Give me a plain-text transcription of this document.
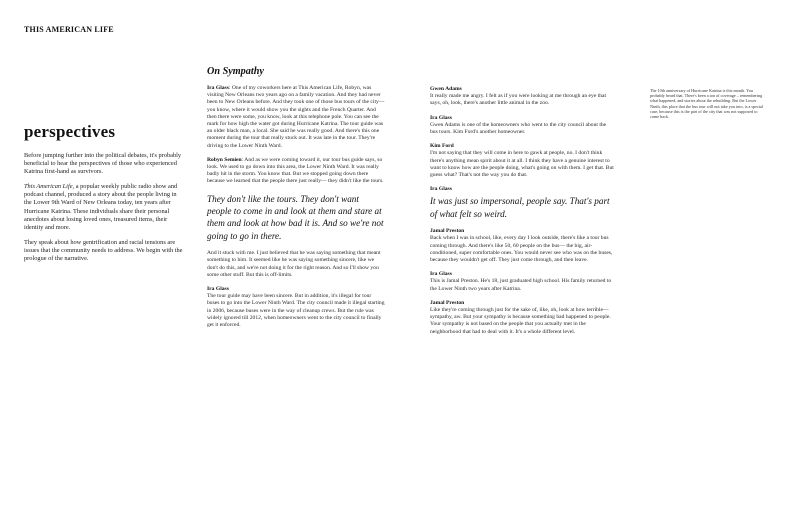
THIS AMERICAN LIFE
perspectives

Before jumping further into the political debates, it's probably beneficial to hear the perspectives of those who experienced Katrina first-hand as survivors.

This American Life, a popular weekly public radio show and podcast channel, produced a story about the people living in the Lower 9th Ward of New Orleans today, ten years after Hurricane Katrina. These individuals share their personal anecdotes about losing loved ones, treasured items, their identity and more.

They speak about how gentrification and racial tensions are issues that the community needs to address. We begin with the prologue of the narrative.

On Sympathy

Ira Glass: One of my coworkers here at This American Life, Robyn, was visiting New Orleans two years ago on a family vacation. And they had never been to New Orleans before. And they took one of those bus tours of the city— you know, where it would show you the sights and the French Quarter. And then there were some, you know, look at this telephone pole. You can see the mark for how high the water got during Hurricane Katrina. The tour guide was an older black man, a local. She said he was really good. And there's this one moment during the tour that really stuck out. It was late in the tour. They're driving to the Lower Ninth Ward.

Robyn Semien: And as we were coming toward it, our tour bus guide says, so look. We used to go down into this area, the Lower Ninth Ward. It was really badly hit in the storm. You know that. But we stopped going down there because we learned that the people there just really— they didn't like the tours.

They don't like the tours. They don't want people to come in and look at them and stare at them and look at how bad it is. And so we're not going to go in there.

And it stuck with me. I just believed that he was saying something that meant something to him. It seemed like he was saying something sincere, like we don't do this, and we're not doing it for the right reason. And so I'll show you some other stuff. But this is off-limits.

Ira Glass

The tour guide may have been sincere. But in addition, it's illegal for tour buses to go into the Lower Ninth Ward. The city council made it illegal starting in 2006, because buses were in the way of cleanup crews. But the rule was widely ignored till 2012, when homeowners went to the city council to finally get it enforced.

Gwen Adams

It really made me angry. I felt as if you were looking at me through an eye that says, oh, look, there's another little animal in the zoo.

Ira Glass

Gwen Adams is one of the homeowners who went to the city council about the bus tours. Kim Ford's another homeowner.

Kim Ford

I'm not saying that they will come in here to gawk at people, no. I don't think there's anything mean spirit about it at all. I think they have a genuine interest to want to know how are the people doing, what's going on with them. I get that. But guess what? That's not the way you do that.

Ira Glass

It was just so impersonal, people say. That's part of what felt so weird.

Jamal Preston

Back when I was in school, like, every day I look outside, there's like a tour bus coming through. And there's like 50, 60 people on the bus— the big, air-conditioned, super comfortable ones. You would never see who was on the buses, because they wouldn't get off. They just come through, and then leave.

Ira Glass

This is Jamal Preston. He's 18, just graduated high school. His family returned to the Lower Ninth two years after Katrina.

Jamal Preston

Like they're coming through just for the sake of, like, oh, look at how terrible— sympathy, aw. But your sympathy is because something bad happened to people. Your sympathy is not based on the people that you actually met in the neighborhood that had to deal with it. It's a whole different level.

The 10th anniversary of Hurricane Katrina is this month. You probably heard that. There's been a ton of coverage – remembering what happened, and stories about the rebuilding. But the Lower Ninth, this place that the bus tour will not take you into, is a special case, because this is the part of the city that was not supposed to come back.
